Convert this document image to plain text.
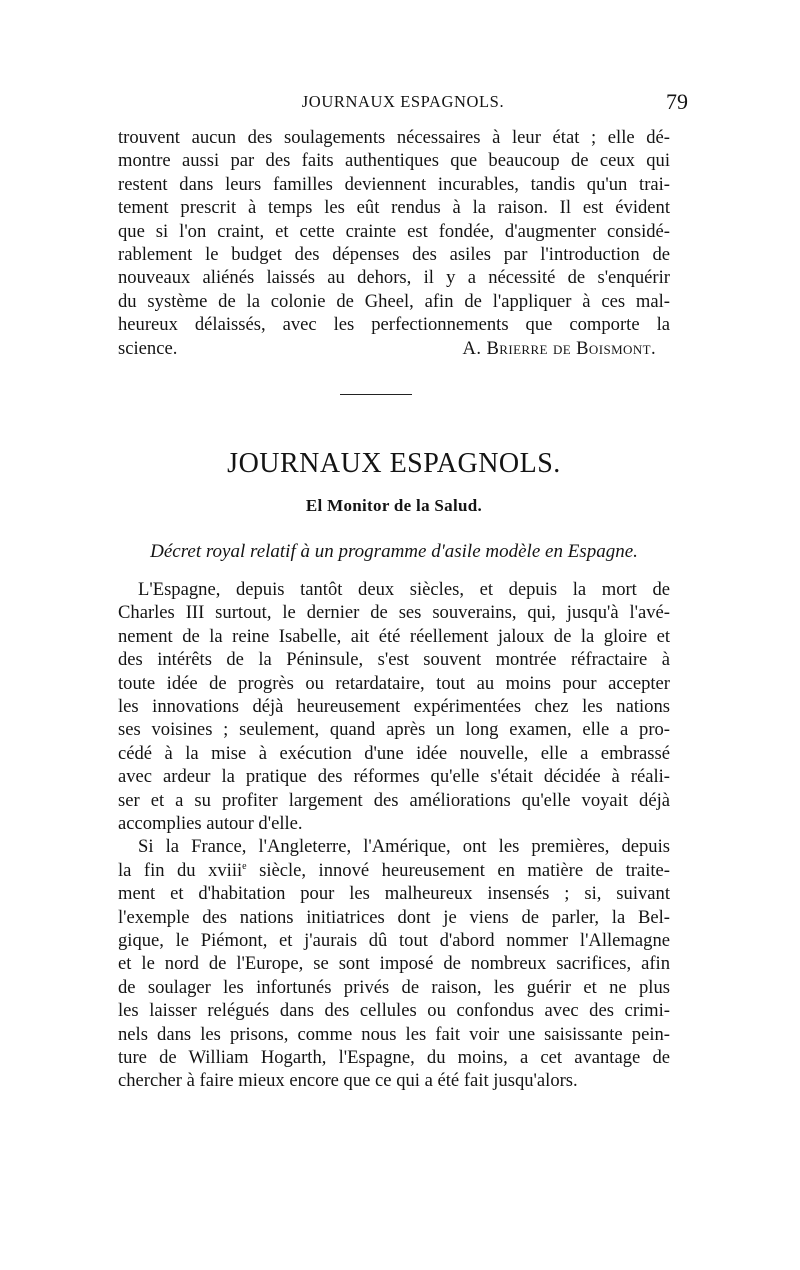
JOURNAUX ESPAGNOLS.	79
trouvent aucun des soulagements nécessaires à leur état ; elle dé-
montre aussi par des faits authentiques que beaucoup de ceux qui
restent dans leurs familles deviennent incurables, tandis qu'un trai-
tement prescrit à temps les eût rendus à la raison. Il est évident
que si l'on craint, et cette crainte est fondée, d'augmenter considé-
rablement le budget des dépenses des asiles par l'introduction de
nouveaux aliénés laissés au dehors, il y a nécessité de s'enquérir
du système de la colonie de Gheel, afin de l'appliquer à ces mal-
heureux délaissés, avec les perfectionnements que comporte la
science.	A. Brierre de Boismont.
JOURNAUX ESPAGNOLS.
El Monitor de la Salud.
Décret royal relatif à un programme d'asile modèle en Espagne.
L'Espagne, depuis tantôt deux siècles, et depuis la mort de
Charles III surtout, le dernier de ses souverains, qui, jusqu'à l'avé-
nement de la reine Isabelle, ait été réellement jaloux de la gloire et
des intérêts de la Péninsule, s'est souvent montrée réfractaire à
toute idée de progrès ou retardataire, tout au moins pour accepter
les innovations déjà heureusement expérimentées chez les nations
ses voisines ; seulement, quand après un long examen, elle a pro-
cédé à la mise à exécution d'une idée nouvelle, elle a embrassé
avec ardeur la pratique des réformes qu'elle s'était décidée à réali-
ser et a su profiter largement des améliorations qu'elle voyait déjà
accomplies autour d'elle.
Si la France, l'Angleterre, l'Amérique, ont les premières, depuis
la fin du xviii$^e$ siècle, innové heureusement en matière de traite-
ment et d'habitation pour les malheureux insensés ; si, suivant
l'exemple des nations initiatrices dont je viens de parler, la Bel-
gique, le Piémont, et j'aurais dû tout d'abord nommer l'Allemagne
et le nord de l'Europe, se sont imposé de nombreux sacrifices, afin
de soulager les infortunés privés de raison, les guérir et ne plus
les laisser relégués dans des cellules ou confondus avec des crimi-
nels dans les prisons, comme nous les fait voir une saisissante pein-
ture de William Hogarth, l'Espagne, du moins, a cet avantage de
chercher à faire mieux encore que ce qui a été fait jusqu'alors.
